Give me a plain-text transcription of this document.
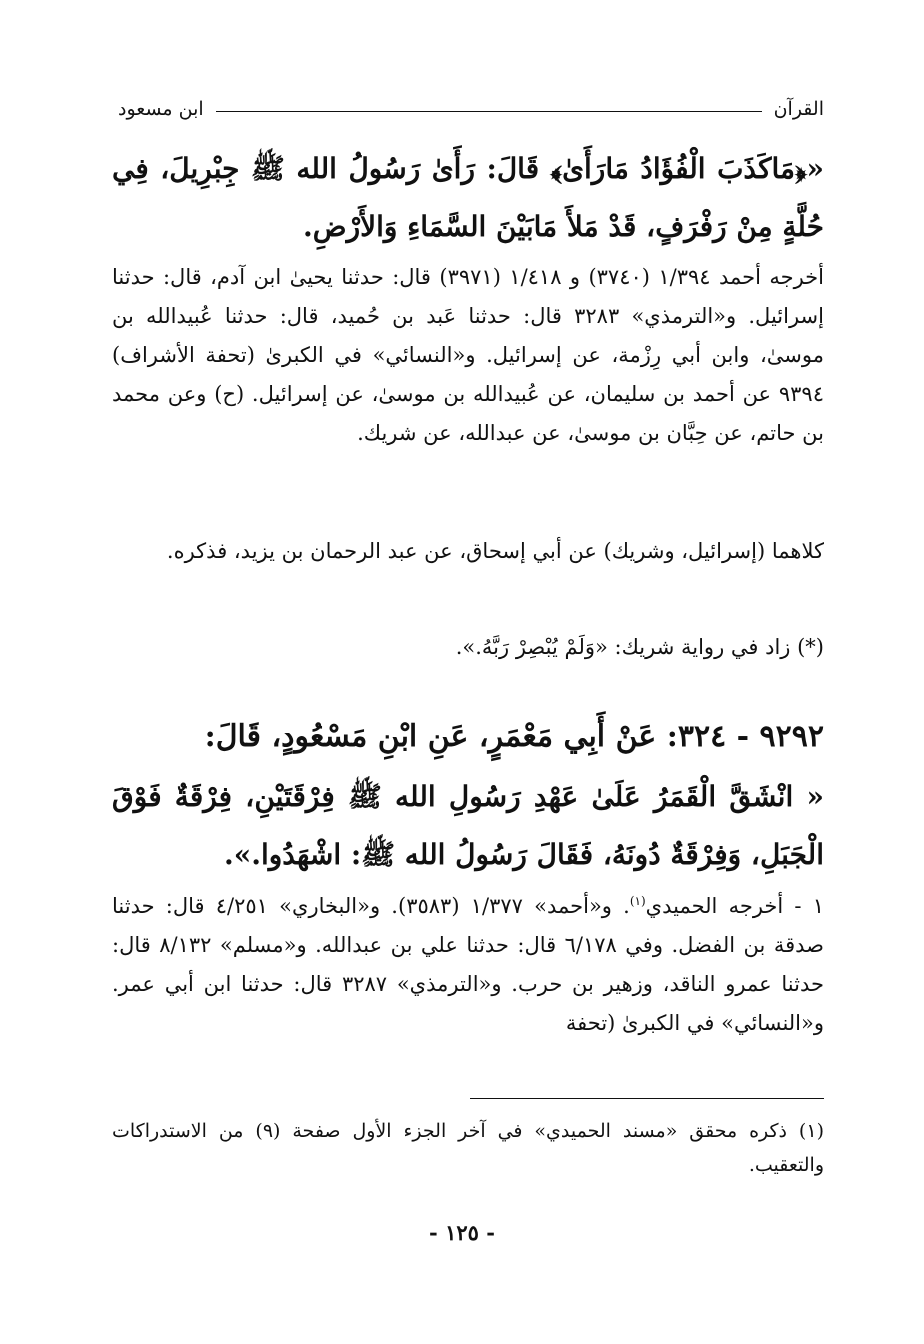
القرآن
ابن مسعود
«﴿مَاكَذَبَ الْفُؤَادُ مَارَأَىٰ﴾ قَالَ: رَأَىٰ رَسُولُ الله ﷺ جِبْرِيلَ، فِي حُلَّةٍ مِنْ رَفْرَفٍ، قَدْ مَلأَ مَابَيْنَ السَّمَاءِ وَالأَرْضِ.
أخرجه أحمد ١/٣٩٤ (٣٧٤٠) و ١/٤١٨ (٣٩٧١) قال: حدثنا يحيىٰ ابن آدم، قال: حدثنا إسرائيل. و«الترمذي» ٣٢٨٣ قال: حدثنا عَبد بن حُميد، قال: حدثنا عُبيدالله بن موسىٰ، وابن أبي رِزْمة، عن إسرائيل. و«النسائي» في الكبرىٰ (تحفة الأشراف) ٩٣٩٤ عن أحمد بن سليمان، عن عُبيدالله بن موسىٰ، عن إسرائيل. (ح) وعن محمد بن حاتم، عن حِبَّان بن موسىٰ، عن عبدالله، عن شريك.
كلاهما (إسرائيل، وشريك) عن أبي إسحاق، عن عبد الرحمان بن يزيد، فذكره.
(*) زاد في رواية شريك: «وَلَمْ يُبْصِرْ رَبَّهُ.».
٩٢٩٢ - ٣٢٤: عَنْ أَبِي مَعْمَرٍ، عَنِ ابْنِ مَسْعُودٍ، قَالَ:
« انْشَقَّ الْقَمَرُ عَلَىٰ عَهْدِ رَسُولِ الله ﷺ فِرْقَتَيْنِ، فِرْقَةٌ فَوْقَ الْجَبَلِ، وَفِرْقَةٌ دُونَهُ، فَقَالَ رَسُولُ الله ﷺ: اشْهَدُوا.».
١ - أخرجه الحميدي$^{(١)}$. و«أحمد» ١/٣٧٧ (٣٥٨٣). و«البخاري» ٤/٢٥١ قال: حدثنا صدقة بن الفضل. وفي ٦/١٧٨ قال: حدثنا علي بن عبدالله. و«مسلم» ٨/١٣٢ قال: حدثنا عمرو الناقد، وزهير بن حرب. و«الترمذي» ٣٢٨٧ قال: حدثنا ابن أبي عمر. و«النسائي» في الكبرىٰ (تحفة
(١) ذكره محقق «مسند الحميدي» في آخر الجزء الأول صفحة (٩) من الاستدراكات والتعقيب.
- ١٢٥ -
